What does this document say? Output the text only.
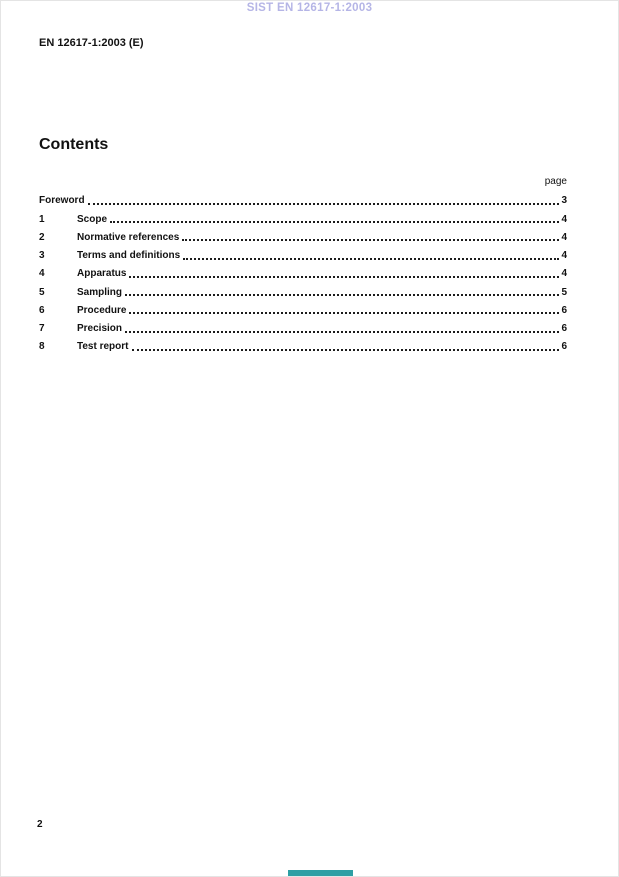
SIST EN 12617-1:2003
EN 12617-1:2003 (E)
Contents
page
Foreword	3
1	Scope	4
2	Normative references	4
3	Terms and definitions	4
4	Apparatus	4
5	Sampling	5
6	Procedure	6
7	Precision	6
8	Test report	6
2
